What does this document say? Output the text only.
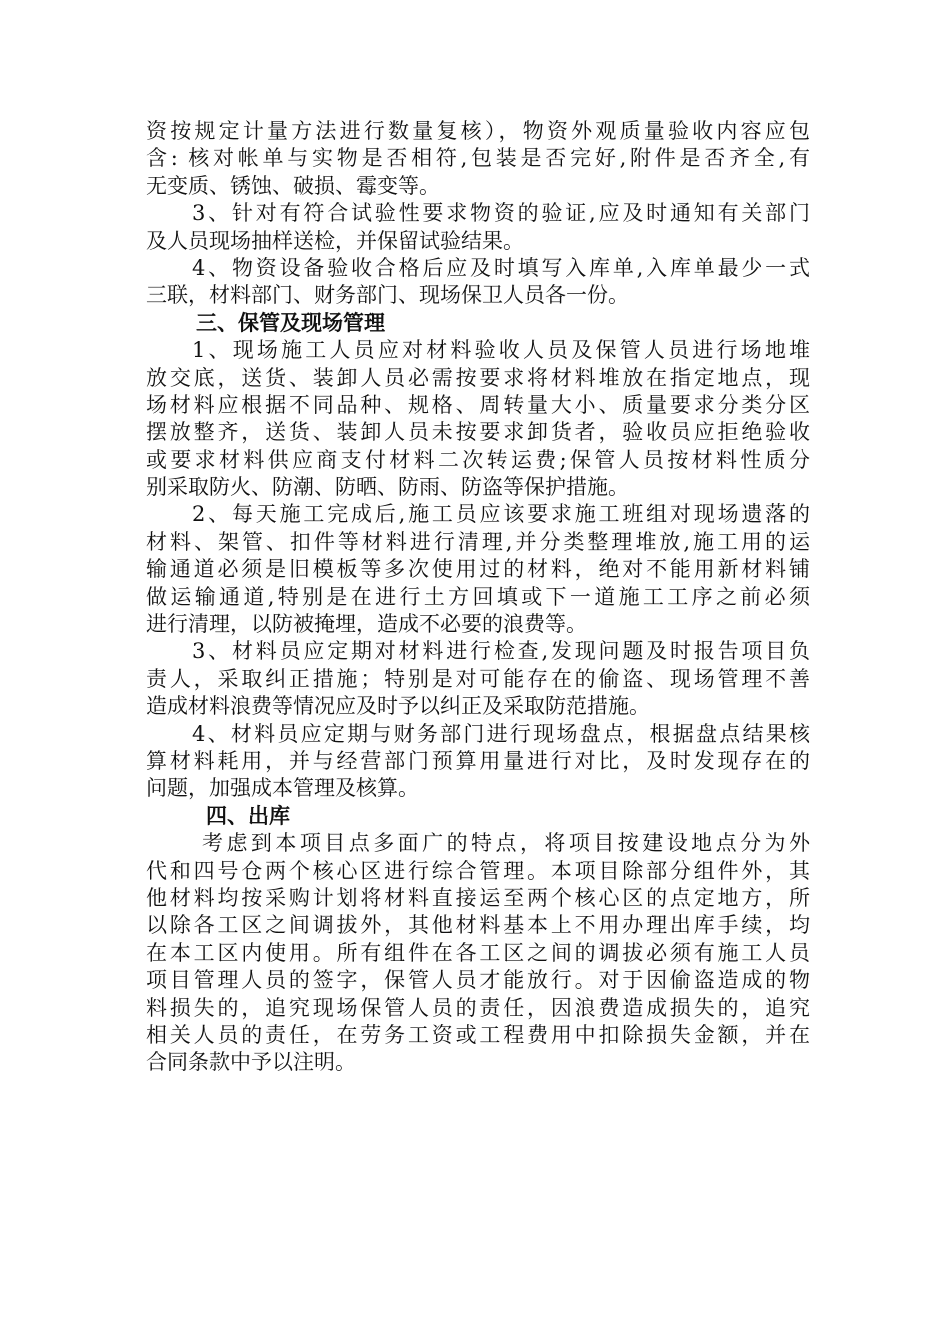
资按规定计量方法进行数量复核），物资外观质量验收内容应包
含: 核对帐单与实物是否相符,包装是否完好,附件是否齐全,有
无变质、锈蚀、破损、霉变等。
3、针对有符合试验性要求物资的验证,应及时通知有关部门
及人员现场抽样送检，并保留试验结果。
4、物资设备验收合格后应及时填写入库单,入库单最少一式
三联，材料部门、财务部门、现场保卫人员各一份。
三、保管及现场管理
1、现场施工人员应对材料验收人员及保管人员进行场地堆
放交底，送货、装卸人员必需按要求将材料堆放在指定地点，现
场材料应根据不同品种、规格、周转量大小、质量要求分类分区
摆放整齐，送货、装卸人员未按要求卸货者，验收员应拒绝验收
或要求材料供应商支付材料二次转运费;保管人员按材料性质分
别采取防火、防潮、防晒、防雨、防盗等保护措施。
2、每天施工完成后,施工员应该要求施工班组对现场遗落的
材料、架管、扣件等材料进行清理,并分类整理堆放,施工用的运
输通道必须是旧模板等多次使用过的材料，绝对不能用新材料铺
做运输通道,特别是在进行土方回填或下一道施工工序之前必须
进行清理，以防被掩埋，造成不必要的浪费等。
3、材料员应定期对材料进行检查,发现问题及时报告项目负
责人，采取纠正措施；特别是对可能存在的偷盗、现场管理不善
造成材料浪费等情况应及时予以纠正及采取防范措施。
4、材料员应定期与财务部门进行现场盘点，根据盘点结果核
算材料耗用，并与经营部门预算用量进行对比，及时发现存在的
问题，加强成本管理及核算。
四、出库
考虑到本项目点多面广的特点，将项目按建设地点分为外
代和四号仓两个核心区进行综合管理。本项目除部分组件外，其
他材料均按采购计划将材料直接运至两个核心区的点定地方，所
以除各工区之间调拔外，其他材料基本上不用办理出库手续，均
在本工区内使用。所有组件在各工区之间的调拔必须有施工人员
项目管理人员的签字，保管人员才能放行。对于因偷盗造成的物
料损失的，追究现场保管人员的责任，因浪费造成损失的，追究
相关人员的责任，在劳务工资或工程费用中扣除损失金额，并在
合同条款中予以注明。
